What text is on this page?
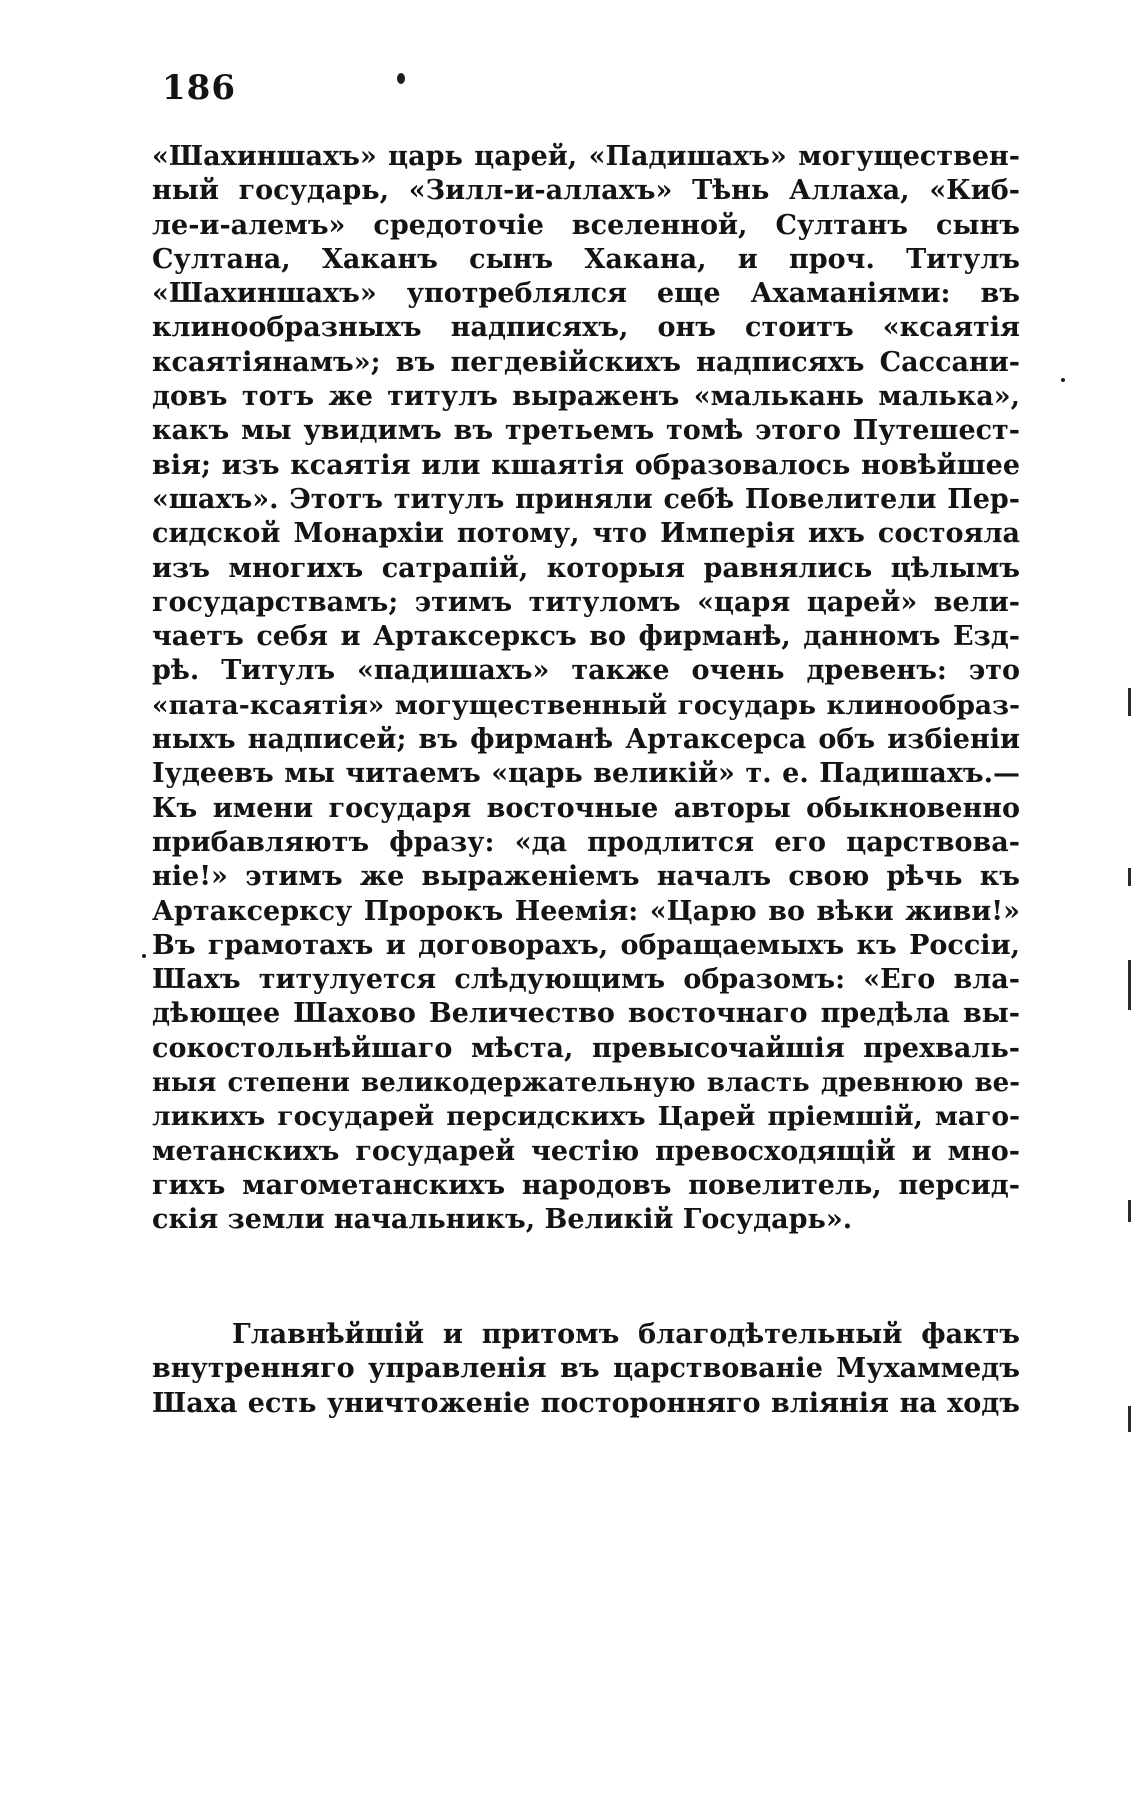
186
«Шахиншахъ» царь царей, «Падишахъ» могуществен-
ный государь, «Зилл-и-аллахъ» Тѣнь Аллаха, «Киб-
ле-и-алемъ» средоточіе вселенной, Султанъ сынъ
Султана, Хаканъ сынъ Хакана, и проч. Титулъ
«Шахиншахъ» употреблялся еще Ахаманіями: въ
клинообразныхъ надписяхъ, онъ стоитъ «ксаятія
ксаятіянамъ»; въ пегдевійскихъ надписяхъ Сассани-
довъ тотъ же титулъ выраженъ «малькань малька»,
какъ мы увидимъ въ третьемъ томѣ этого Путешест-
вія; изъ ксаятія или кшаятія образовалось новѣйшее
«шахъ». Этотъ титулъ приняли себѣ Повелители Пер-
сидской Монархіи потому, что Имперія ихъ состояла
изъ многихъ сатрапій, которыя равнялись цѣлымъ
государствамъ; этимъ титуломъ «царя царей» вели-
чаетъ себя и Артаксерксъ во фирманѣ, данномъ Езд-
рѣ. Титулъ «падишахъ» также очень древенъ: это
«пата-ксаятія» могущественный государь клинообраз-
ныхъ надписей; въ фирманѣ Артаксерса объ избіеніи
Іудеевъ мы читаемъ «царь великій» т. е. Падишахъ.—
Къ имени государя восточные авторы обыкновенно
прибавляютъ фразу: «да продлится его царствова-
ніе!» этимъ же выраженіемъ началъ свою рѣчь къ
Артаксерксу Пророкъ Неемія: «Царю во вѣки живи!»
Въ грамотахъ и договорахъ, обращаемыхъ къ Россіи,
Шахъ титулуется слѣдующимъ образомъ: «Его вла-
дѣющее Шахово Величество восточнаго предѣла вы-
сокостольнѣйшаго мѣста, превысочайшія прехваль-
ныя степени великодержательную власть древнюю ве-
ликихъ государей персидскихъ Царей пріемшій, маго-
метанскихъ государей честію превосходящій и мно-
гихъ магометанскихъ народовъ повелитель, персид-
скія земли начальникъ, Великій Государь».
Главнѣйшій и притомъ благодѣтельный фактъ
внутренняго управленія въ царствованіе Мухаммедъ
Шаха есть уничтоженіе посторонняго вліянія на ходъ
